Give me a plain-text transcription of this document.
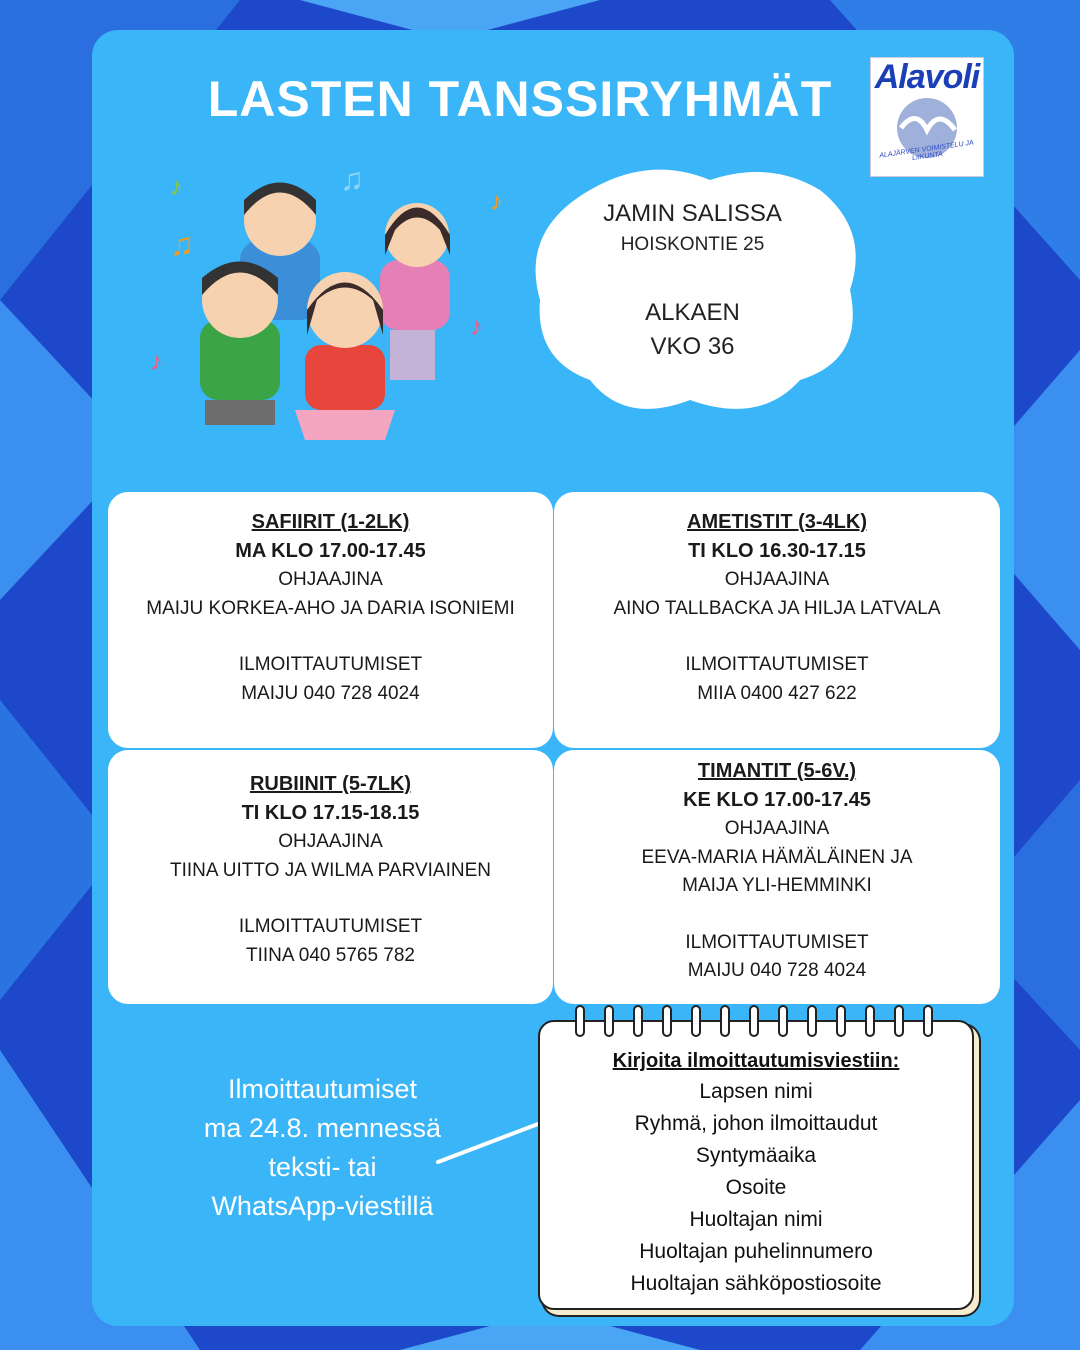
LASTEN TANSSIRYHMÄT	Alavoli
ALAJÄRVEN VOIMISTELU JA LIIKUNTA
♪
♫
♫
♪
♪
♪
JAMIN SALISSA
HOISKONTIE 25
ALKAEN
VKO 36
SAFIIRIT (1-2LK)
MA KLO 17.00-17.45
OHJAAJINA
MAIJU KORKEA-AHO JA DARIA ISONIEMI
ILMOITTAUTUMISET
MAIJU 040 728 4024
AMETISTIT (3-4LK)
TI KLO 16.30-17.15
OHJAAJINA
AINO TALLBACKA JA HILJA LATVALA
ILMOITTAUTUMISET
MIIA 0400 427 622
RUBIINIT (5-7LK)
TI KLO 17.15-18.15
OHJAAJINA
TIINA UITTO JA WILMA PARVIAINEN
ILMOITTAUTUMISET
TIINA 040 5765 782
TIMANTIT (5-6V.)
KE KLO 17.00-17.45
OHJAAJINA
EEVA-MARIA HÄMÄLÄINEN JA
MAIJA YLI-HEMMINKI
ILMOITTAUTUMISET
MAIJU 040 728 4024
Ilmoittautumiset
ma 24.8. mennessä
teksti- tai
WhatsApp-viestillä
Kirjoita ilmoittautumisviestiin:
Lapsen nimi
Ryhmä, johon ilmoittaudut
Syntymäaika
Osoite
Huoltajan nimi
Huoltajan puhelinnumero
Huoltajan sähköpostiosoite
